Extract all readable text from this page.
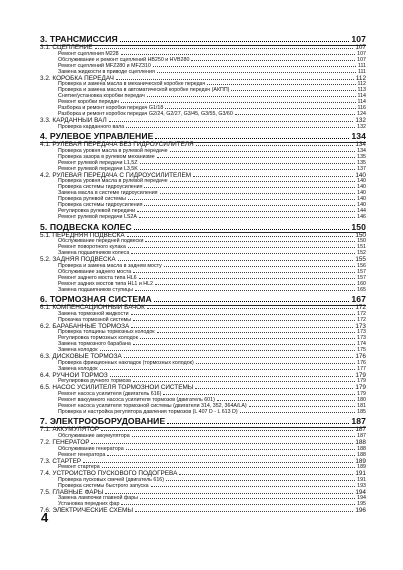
3. ТРАНСМИССИЯ	107
3.1. СЦЕПЛЕНИЕ	107
Ремонт сцепления M228	107
Обслуживание и ремонт сцеплений HB250 и HVB280	107
Ремонт сцеплений MFZ280 и MFZ310	111
Замена жидкости в приводе сцепления	111
3.2. КОРОБКА ПЕРЕДАЧ	112
Проверка и замена масла в механической коробке передач	112
Проверка и замена масла в автоматической коробке передач (АКПП)	113
Снятие/установка коробки передач	114
Ремонт коробки передач	114
Разборка и ремонт коробки передач G1/18	116
Разборка и ремонт коробок передач G2/24, G2/27, G3/45, G3/55, G3/60	124
3.3. КАРДАННЫЙ ВАЛ	132
Проверка карданного вала	132
4. РУЛЕВОЕ УПРАВЛЕНИЕ	134
4.1. РУЛЕВАЯ ПЕРЕДАЧА БЕЗ ГИДРОУСИЛИТЕЛЯ	134
Проверка уровня масла в рулевой передаче	134
Проверка зазора в рулевом механизме	135
Ремонт рулевой передачи L1,5Z	135
Ремонт рулевой передачи L3,5K	137
4.2. РУЛЕВАЯ ПЕРЕДАЧА С ГИДРОУСИЛИТЕЛЕМ	140
Проверка уровня масла в рулевой передаче	140
Проверка системы гидроусиления	140
Замена масла в системе гидроусиления	140
Проверка рулевой системы	140
Проверка системы гидроусиления	140
Регулировка рулевой передачи	144
Ремонт рулевой передачи LS2A	146
5. ПОДВЕСКА КОЛЕС	150
5.1. ПЕРЕДНЯЯ ПОДВЕСКА	150
Обслуживание передней подвески	150
Ремонт поворотного кулака	151
Замена подшипников колеса	152
5.2. ЗАДНЯЯ ПОДВЕСКА	155
Проверка и замена масла в заднем мосту	156
Обслуживание заднего моста	157
Ремонт заднего моста типа HL6	157
Ремонт задних мостов типа HL1 и HL2	160
Замена подшипников ступицы	165
6. ТОРМОЗНАЯ СИСТЕМА	167
6.1. КОМПЕНСАЦИОННЫЙ БАЧОК	172
Замена тормозной жидкости	172
Прокачка тормозной системы	172
6.2. БАРАБАННЫЕ ТОРМОЗА	173
Проверка толщины тормозных колодок	173
Регулировка тормозных колодок	173
Замена тормозного барабана	174
Замена колодок	175
6.3. ДИСКОВЫЕ ТОРМОЗА	176
Проверка фрикционных накладок (тормозных колодок)	176
Замена колодок	177
6.4. РУЧНОЙ ТОРМОЗ	179
Регулировка ручного тормоза	179
6.5. НАСОС УСИЛИТЕЛЯ ТОРМОЗНОЙ СИСТЕМЫ	179
Ремонт насоса усилителя (двигатель 616)	179
Ремонт вакуумного насоса усилителя тормозов (двигатель 601)	180
Ремонт насоса усилителя тормозной системы (двигатели 314, 352, 364А/LA)	181
Проверка и настройка регулятора давления тормозов (L 407 D - L 613 D)	185
7. ЭЛЕКТРООБОРУДОВАНИЕ	187
7.1. АККУМУЛЯТОР	187
Обслуживание аккумулятора	187
7.2. ГЕНЕРАТОР	188
Обслуживание генератора	188
Ремонт генератора	188
7.3. СТАРТЕР	189
Ремонт стартера	189
7.4. УСТРОЙСТВО ПУСКОВОГО ПОДОГРЕВА	191
Проверка пусковых свечей (двигатель 616)	191
Проверка системы быстрого запуска	193
7.5. ГЛАВНЫЕ ФАРЫ	194
Замена лампочки главной фары	194
Установка передних фар	195
7.6. ЭЛЕКТРИЧЕСКИЕ СХЕМЫ	196
4
